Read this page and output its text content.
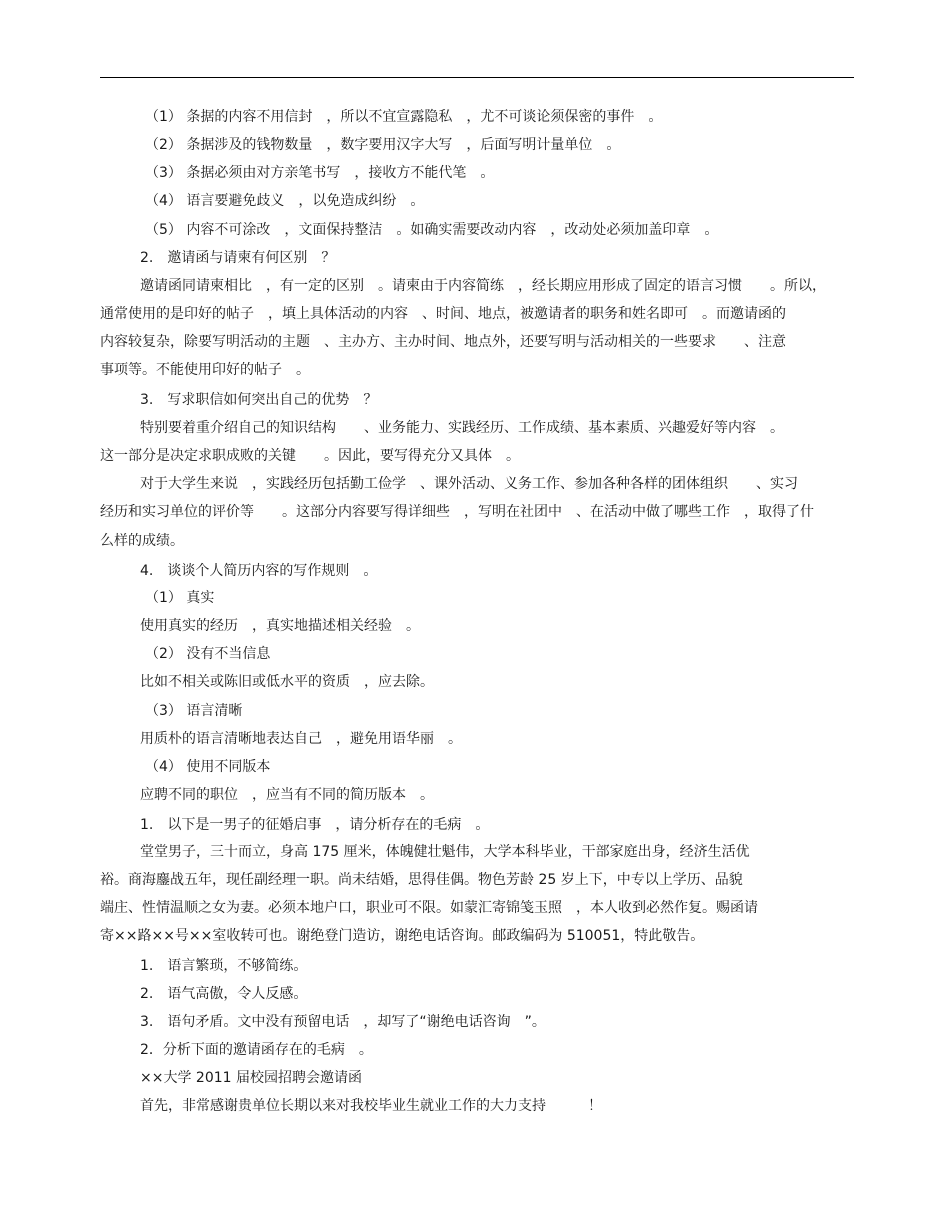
（1） 条据的内容不用信封　，所以不宜宣露隐私　，尤不可谈论须保密的事件　。
（2） 条据涉及的钱物数量　，数字要用汉字大写　，后面写明计量单位　。
（3） 条据必须由对方亲笔书写　，接收方不能代笔　。
（4） 语言要避免歧义　，以免造成纠纷　。
（5） 内容不可涂改　，文面保持整洁　。如确实需要改动内容　，改动处必须加盖印章　。
2.　邀请函与请柬有何区别　？
邀请函同请柬相比　，有一定的区别　。请柬由于内容简练　，经长期应用形成了固定的语言习惯　　。所以，
通常使用的是印好的帖子　，填上具体活动的内容　、时间、地点，被邀请者的职务和姓名即可　。而邀请函的
内容较复杂，除要写明活动的主题　、主办方、主办时间、地点外，还要写明与活动相关的一些要求　　、注意
事项等。不能使用印好的帖子　。
3.　写求职信如何突出自己的优势　？
特别要着重介绍自己的知识结构　　、业务能力、实践经历、工作成绩、基本素质、兴趣爱好等内容　。
这一部分是决定求职成败的关键　　。因此，要写得充分又具体　。
对于大学生来说　，实践经历包括勤工俭学　、课外活动、义务工作、参加各种各样的团体组织　　、实习
经历和实习单位的评价等　　。这部分内容要写得详细些　，写明在社团中　、在活动中做了哪些工作　，取得了什
么样的成绩。
4.　谈谈个人简历内容的写作规则　。
（1） 真实
使用真实的经历　，真实地描述相关经验　。
（2） 没有不当信息
比如不相关或陈旧或低水平的资质　，应去除。
（3） 语言清晰
用质朴的语言清晰地表达自己　，避免用语华丽　。
（4） 使用不同版本
应聘不同的职位　，应当有不同的简历版本　。
1.　以下是一男子的征婚启事　，请分析存在的毛病　。
堂堂男子，三十而立，身高 175 厘米，体魄健壮魁伟，大学本科毕业，干部家庭出身，经济生活优
裕。商海鏖战五年，现任副经理一职。尚未结婚，思得佳偶。物色芳龄 25 岁上下，中专以上学历、品貌
端庄、性情温顺之女为妻。必须本地户口，职业可不限。如蒙汇寄锦笺玉照　，本人收到必然作复。赐函请
寄××路××号××室收转可也。谢绝登门造访，谢绝电话咨询。邮政编码为 510051，特此敬告。
1.　语言繁琐，不够简练。
2.　语气高傲，令人反感。
3.　语句矛盾。文中没有预留电话　，却写了“谢绝电话咨询　”。
2．分析下面的邀请函存在的毛病　。
××大学 2011 届校园招聘会邀请函
首先，非常感谢贵单位长期以来对我校毕业生就业工作的大力支持　　　！
